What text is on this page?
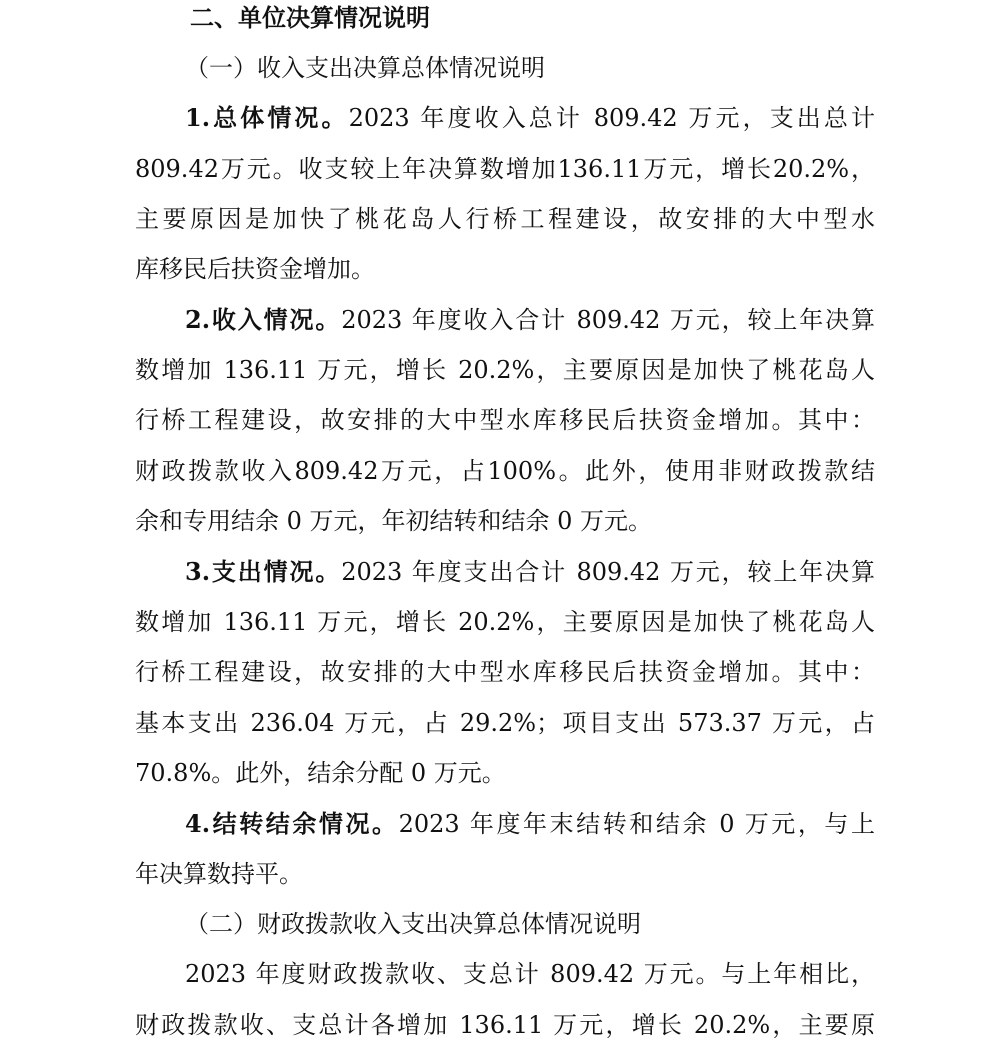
二、单位决算情况说明
（一）收入支出决算总体情况说明
1.总体情况。2023 年度收入总计 809.42 万元，支出总计
809.42万元。收支较上年决算数增加136.11万元，增长20.2%，
主要原因是加快了桃花岛人行桥工程建设，故安排的大中型水
库移民后扶资金增加。
2.收入情况。2023 年度收入合计 809.42 万元，较上年决算
数增加 136.11 万元，增长 20.2%，主要原因是加快了桃花岛人
行桥工程建设，故安排的大中型水库移民后扶资金增加。其中：
财政拨款收入809.42万元，占100%。此外，使用非财政拨款结
余和专用结余 0 万元，年初结转和结余 0 万元。
3.支出情况。2023 年度支出合计 809.42 万元，较上年决算
数增加 136.11 万元，增长 20.2%，主要原因是加快了桃花岛人
行桥工程建设，故安排的大中型水库移民后扶资金增加。其中：
基本支出 236.04 万元，占 29.2%；项目支出 573.37 万元，占
70.8%。此外，结余分配 0 万元。
4.结转结余情况。2023 年度年末结转和结余 0 万元，与上
年决算数持平。
（二）财政拨款收入支出决算总体情况说明
2023 年度财政拨款收、支总计 809.42 万元。与上年相比，
财政拨款收、支总计各增加 136.11 万元，增长 20.2%，主要原
